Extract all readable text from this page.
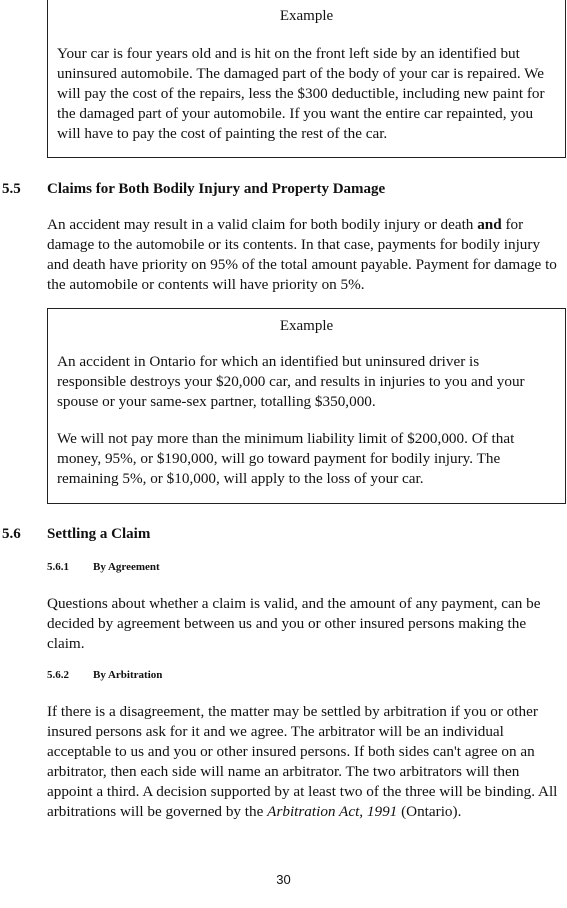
Example

Your car is four years old and is hit on the front left side by an identified but uninsured automobile. The damaged part of the body of your car is repaired. We will pay the cost of the repairs, less the $300 deductible, including new paint for the damaged part of your automobile. If you want the entire car repainted, you will have to pay the cost of painting the rest of the car.

5.5 Claims for Both Bodily Injury and Property Damage

An accident may result in a valid claim for both bodily injury or death and for damage to the automobile or its contents. In that case, payments for bodily injury and death have priority on 95% of the total amount payable. Payment for damage to the automobile or contents will have priority on 5%.

Example

An accident in Ontario for which an identified but uninsured driver is responsible destroys your $20,000 car, and results in injuries to you and your spouse or your same-sex partner, totalling $350,000.

We will not pay more than the minimum liability limit of $200,000. Of that money, 95%, or $190,000, will go toward payment for bodily injury. The remaining 5%, or $10,000, will apply to the loss of your car.

5.6 Settling a Claim
5.6.1 By Agreement

Questions about whether a claim is valid, and the amount of any payment, can be decided by agreement between us and you or other insured persons making the claim.

5.6.2 By Arbitration

If there is a disagreement, the matter may be settled by arbitration if you or other insured persons ask for it and we agree. The arbitrator will be an individual acceptable to us and you or other insured persons. If both sides can't agree on an arbitrator, then each side will name an arbitrator. The two arbitrators will then appoint a third. A decision supported by at least two of the three will be binding. All arbitrations will be governed by the Arbitration Act, 1991 (Ontario).

30
